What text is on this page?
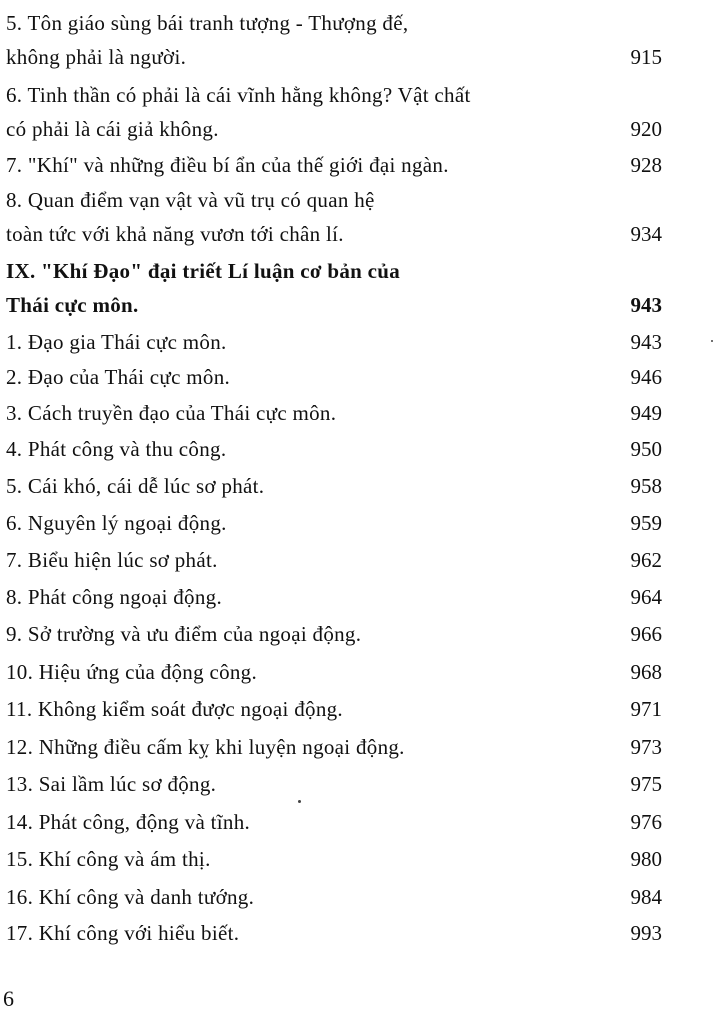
5. Tôn giáo sùng bái tranh tượng - Thượng đế,
không phải là người.	915
6. Tinh thần có phải là cái vĩnh hằng không? Vật chất
có phải là cái giả không.	920
7. "Khí" và những điều bí ẩn của thế giới đại ngàn.	928
8. Quan điểm vạn vật và vũ trụ có quan hệ
toàn tức với khả năng vươn tới chân lí.	934
IX. "Khí Đạo" đại triết Lí luận cơ bản của
Thái cực môn.	943
1. Đạo gia Thái cực môn.	943
2. Đạo của Thái cực môn.	946
3. Cách truyền đạo của Thái cực môn.	949
4. Phát công và thu công.	950
5. Cái khó, cái dễ lúc sơ phát.	958
6. Nguyên lý ngoại động.	959
7. Biểu hiện lúc sơ phát.	962
8. Phát công ngoại động.	964
9. Sở trường và ưu điểm của ngoại động.	966
10. Hiệu ứng của động công.	968
11. Không kiểm soát được ngoại động.	971
12. Những điều cấm kỵ khi luyện ngoại động.	973
13. Sai lầm lúc sơ động.	975
14. Phát công, động và tĩnh.	976
15. Khí công và ám thị.	980
16. Khí công và danh tướng.	984
17. Khí công với hiểu biết.	993
6
